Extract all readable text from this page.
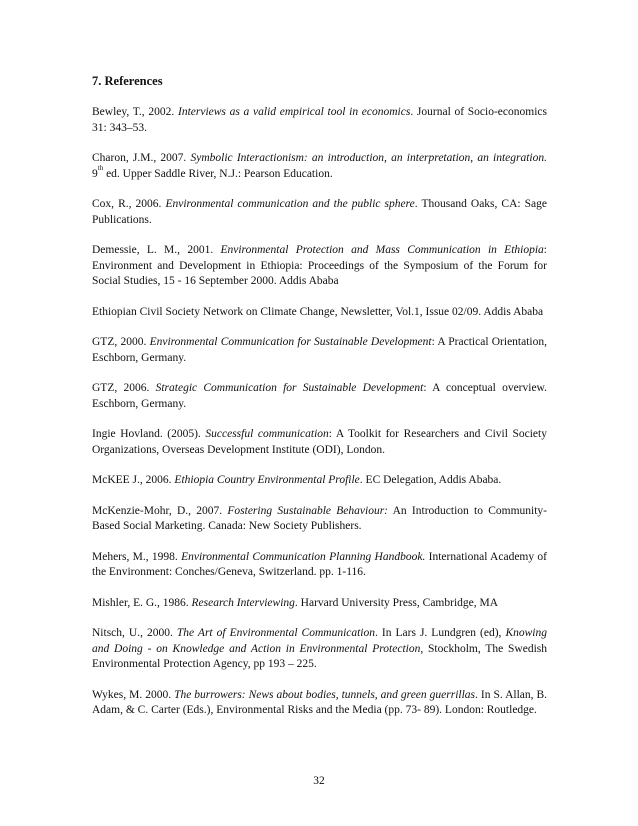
7. References

Bewley, T., 2002. Interviews as a valid empirical tool in economics. Journal of Socio-economics 31: 343–53.

Charon, J.M., 2007. Symbolic Interactionism: an introduction, an interpretation, an integration. 9th ed. Upper Saddle River, N.J.: Pearson Education.

Cox, R., 2006. Environmental communication and the public sphere. Thousand Oaks, CA: Sage Publications.

Demessie, L. M., 2001. Environmental Protection and Mass Communication in Ethiopia: Environment and Development in Ethiopia: Proceedings of the Symposium of the Forum for Social Studies, 15 - 16 September 2000. Addis Ababa

Ethiopian Civil Society Network on Climate Change, Newsletter, Vol.1, Issue 02/09. Addis Ababa

GTZ, 2000. Environmental Communication for Sustainable Development: A Practical Orientation, Eschborn, Germany.

GTZ, 2006. Strategic Communication for Sustainable Development: A conceptual overview. Eschborn, Germany.

Ingie Hovland. (2005). Successful communication: A Toolkit for Researchers and Civil Society Organizations, Overseas Development Institute (ODI), London.

McKEE J., 2006. Ethiopia Country Environmental Profile. EC Delegation, Addis Ababa.

McKenzie-Mohr, D., 2007. Fostering Sustainable Behaviour: An Introduction to Community-Based Social Marketing. Canada: New Society Publishers.

Mehers, M., 1998. Environmental Communication Planning Handbook. International Academy of the Environment: Conches/Geneva, Switzerland. pp. 1-116.

Mishler, E. G., 1986. Research Interviewing. Harvard University Press, Cambridge, MA

Nitsch, U., 2000. The Art of Environmental Communication. In Lars J. Lundgren (ed), Knowing and Doing - on Knowledge and Action in Environmental Protection, Stockholm, The Swedish Environmental Protection Agency, pp 193 – 225.

Wykes, M. 2000. The burrowers: News about bodies, tunnels, and green guerrillas. In S. Allan, B. Adam, & C. Carter (Eds.), Environmental Risks and the Media (pp. 73- 89). London: Routledge.

32
